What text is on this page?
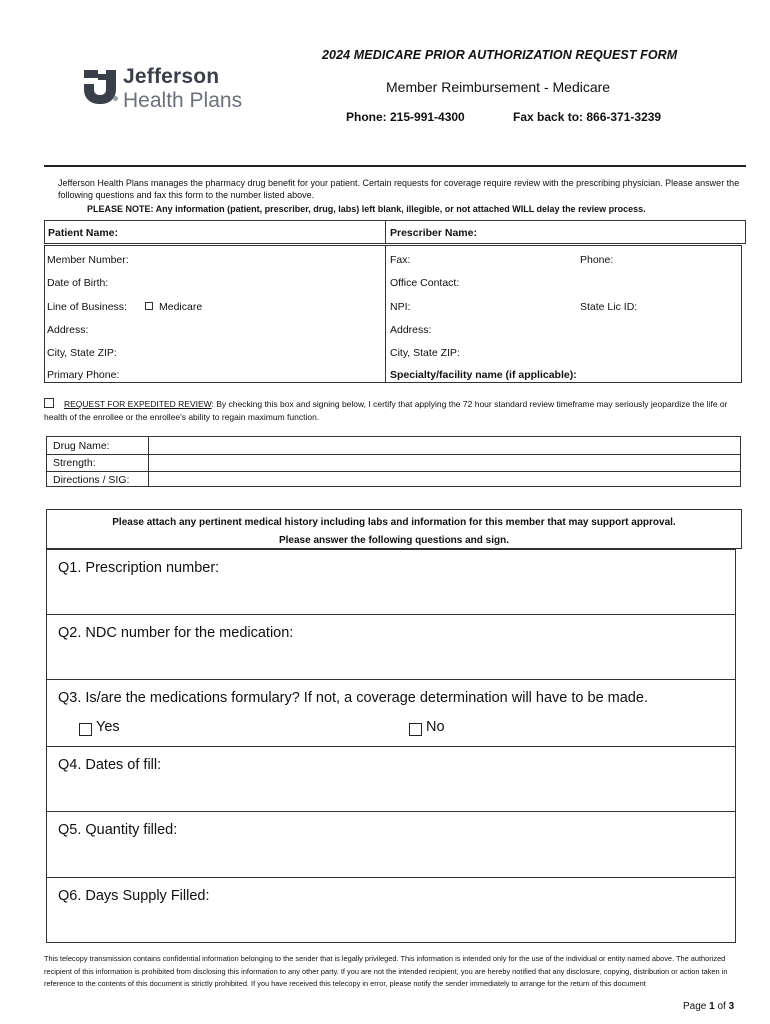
Jefferson
Health Plans
2024 MEDICARE PRIOR AUTHORIZATION REQUEST FORM
Member Reimbursement - Medicare
Phone: 215-991-4300	Fax back to: 866-371-3239
Jefferson Health Plans manages the pharmacy drug benefit for your patient. Certain requests for coverage require review with the prescribing physician. Please answer the following questions and fax this form to the number listed above.
PLEASE NOTE: Any information (patient, prescriber, drug, labs) left blank, illegible, or not attached WILL delay the review process.
Patient Name:	Prescriber Name:
Member Number:	Fax:	Phone:
Date of Birth:	Office Contact:
Line of Business:	Medicare	NPI:	State Lic ID:
Address:	Address:
City, State ZIP:	City, State ZIP:
Primary Phone:	Specialty/facility name (if applicable):
REQUEST FOR EXPEDITED REVIEW: By checking this box and signing below, I certify that applying the 72 hour standard review timeframe may seriously jeopardize the life or health of the enrollee or the enrollee's ability to regain maximum function.
Drug Name:
Strength:
Directions / SIG:
Please attach any pertinent medical history including labs and information for this member that may support approval.
Please answer the following questions and sign.
Q1. Prescription number:
Q2. NDC number for the medication:
Q3. Is/are the medications formulary? If not, a coverage determination will have to be made.
Yes	No
Q4. Dates of fill:
Q5. Quantity filled:
Q6. Days Supply Filled:
This telecopy transmission contains confidential information belonging to the sender that is legally privileged. This information is intended only for the use of the individual or entity named above. The authorized recipient of this information is prohibited from disclosing this information to any other party. If you are not the intended recipient, you are hereby notified that any disclosure, copying, distribution or action taken in reference to the contents of this document is strictly prohibited. If you have received this telecopy in error, please notify the sender immediately to arrange for the return of this document
Page 1 of 3
